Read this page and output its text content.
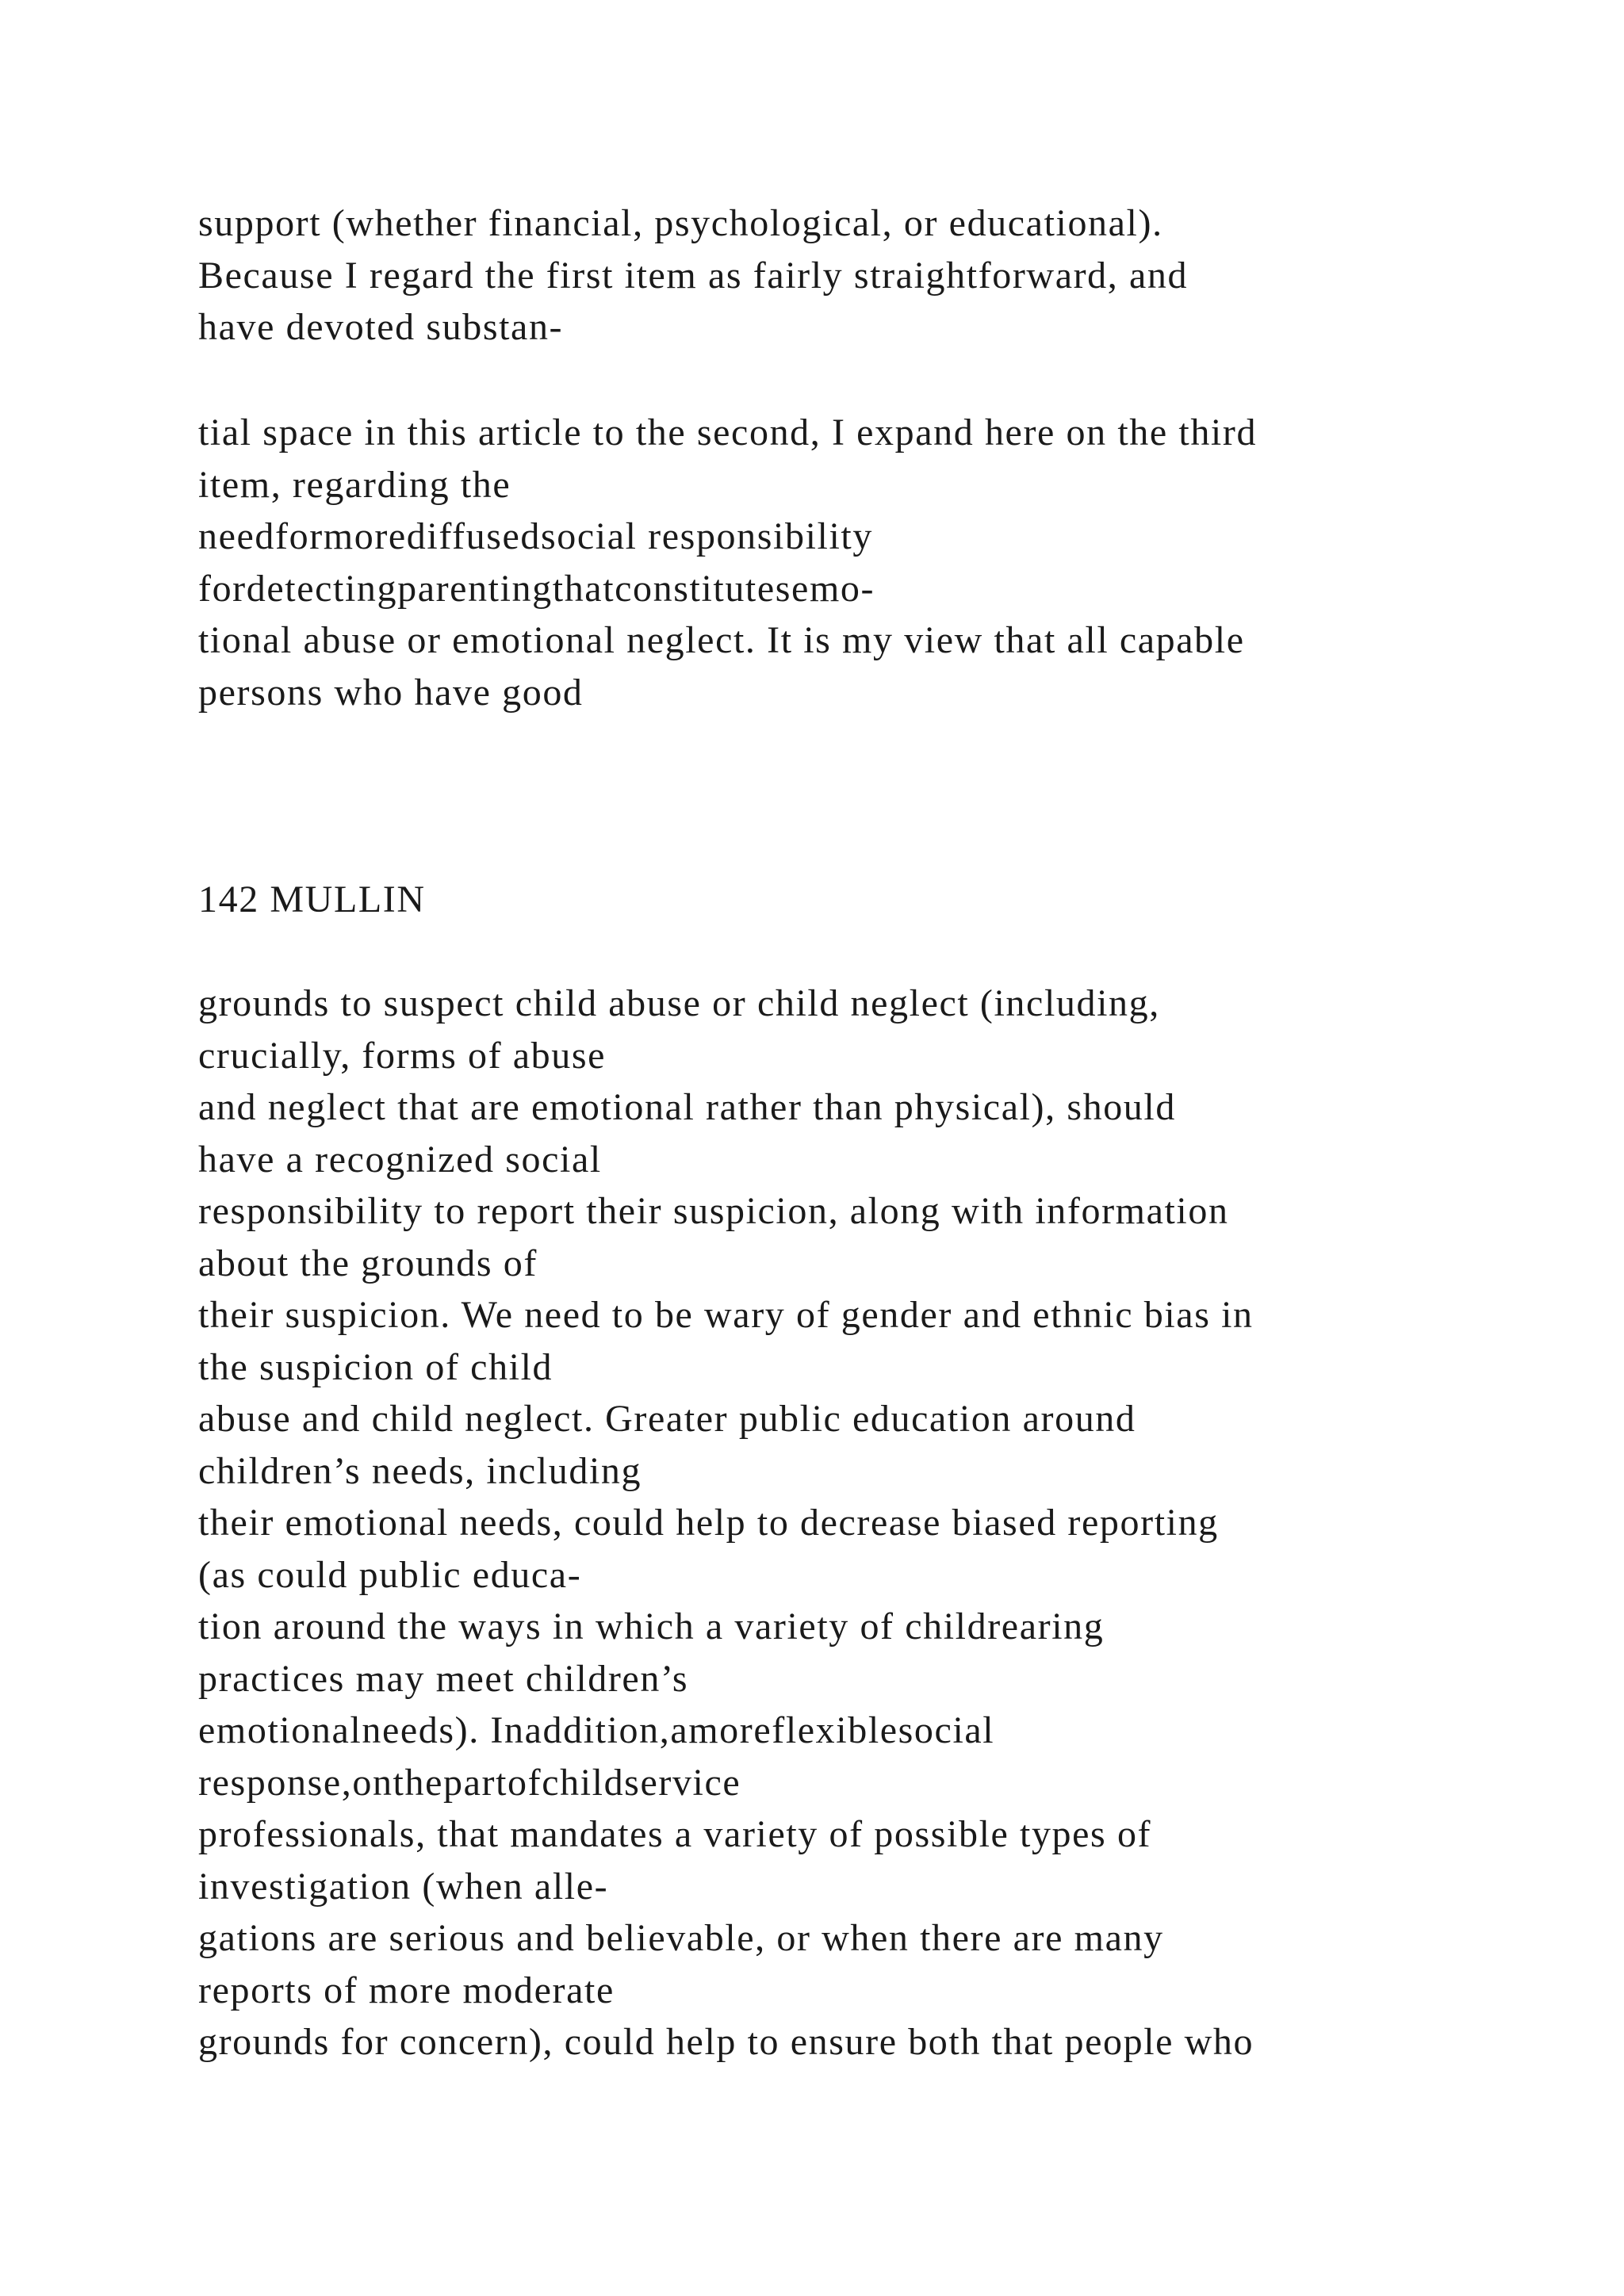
support (whether financial, psychological, or educational).
Because I regard the first item as fairly straightforward, and
have devoted substan-

tial space in this article to the second, I expand here on the third
item, regarding the
needformorediffusedsocial responsibility
fordetectingparentingthatconstitutesemo-
tional abuse or emotional neglect. It is my view that all capable
persons who have good

142 MULLIN

grounds to suspect child abuse or child neglect (including,
crucially, forms of abuse
and neglect that are emotional rather than physical), should
have a recognized social
responsibility to report their suspicion, along with information
about the grounds of
their suspicion. We need to be wary of gender and ethnic bias in
the suspicion of child
abuse and child neglect. Greater public education around
children’s needs, including
their emotional needs, could help to decrease biased reporting
(as could public educa-
tion around the ways in which a variety of childrearing
practices may meet children’s
emotionalneeds). Inaddition,amoreflexiblesocial
response,onthepartofchildservice
professionals, that mandates a variety of possible types of
investigation (when alle-
gations are serious and believable, or when there are many
reports of more moderate
grounds for concern), could help to ensure both that people who
